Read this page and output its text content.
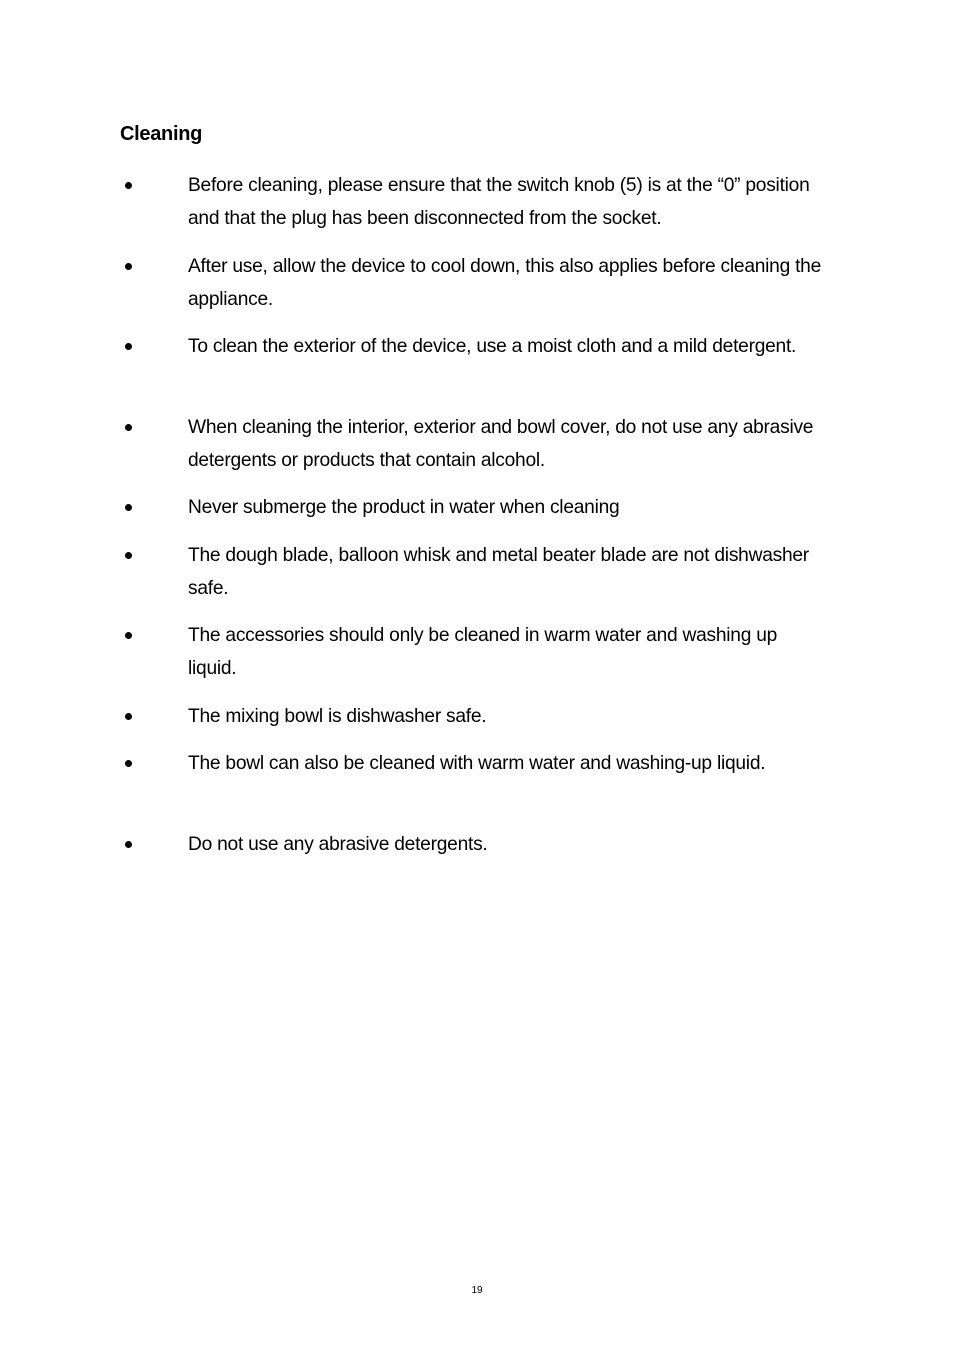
Cleaning
Before cleaning, please ensure that the switch knob (5) is at the “0” position and that the plug has been disconnected from the socket.
After use, allow the device to cool down, this also applies before cleaning the appliance.
To clean the exterior of the device, use a moist cloth and a mild detergent.
When cleaning the interior, exterior and bowl cover, do not use any abrasive detergents or products that contain alcohol.
Never submerge the product in water when cleaning
The dough blade, balloon whisk and metal beater blade are not dishwasher safe.
The accessories should only be cleaned in warm water and washing up liquid.
The mixing bowl is dishwasher safe.
The bowl can also be cleaned with warm water and washing-up liquid.
Do not use any abrasive detergents.
19
